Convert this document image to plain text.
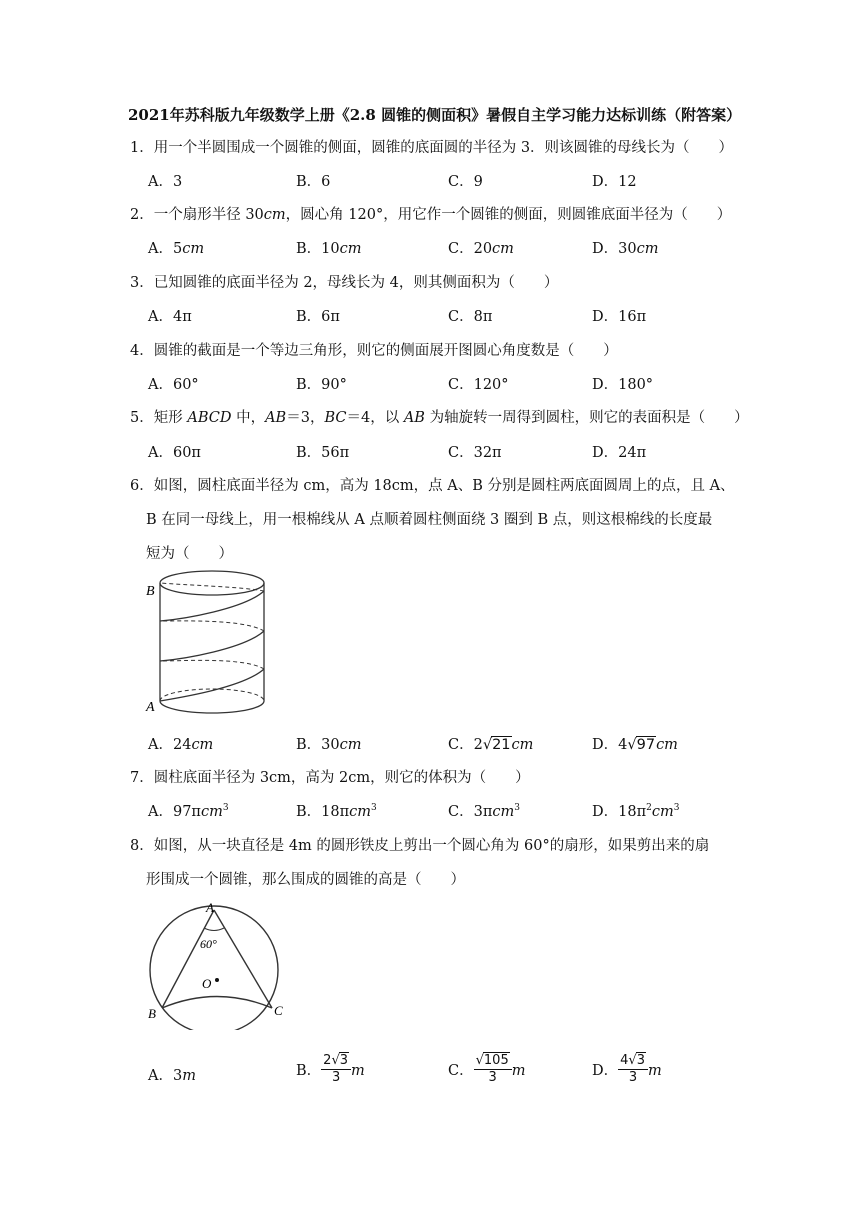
2021年苏科版九年级数学上册《2.8 圆锥的侧面积》暑假自主学习能力达标训练（附答案）
1．用一个半圆围成一个圆锥的侧面，圆锥的底面圆的半径为 3．则该圆锥的母线长为（　　）
A．3	B．6	C．9	D．12
2．一个扇形半径 30cm，圆心角 120°，用它作一个圆锥的侧面，则圆锥底面半径为（　　）
A．5cm	B．10cm	C．20cm	D．30cm
3．已知圆锥的底面半径为 2，母线长为 4，则其侧面积为（　　）
A．4π	B．6π	C．8π	D．16π
4．圆锥的截面是一个等边三角形，则它的侧面展开图圆心角度数是（　　）
A．60°	B．90°	C．120°	D．180°
5．矩形 ABCD 中，AB＝3，BC＝4，以 AB 为轴旋转一周得到圆柱，则它的表面积是（　　）
A．60π	B．56π	C．32π	D．24π
6．如图，圆柱底面半径为 cm，高为 18cm，点 A、B 分别是圆柱两底面圆周上的点，且 A、
B 在同一母线上，用一根棉线从 A 点顺着圆柱侧面绕 3 圈到 B 点，则这根棉线的长度最
短为（　　）
B
A
A．24cm	B．30cm	C．2√21cm	D．4√97cm
7．圆柱底面半径为 3cm，高为 2cm，则它的体积为（　　）
A．97πcm$^3$	B．18πcm$^3$	C．3πcm$^3$	D．$18\pi^2cm^3$
8．如图，从一块直径是 4m 的圆形铁皮上剪出一个圆心角为 60°的扇形，如果剪出来的扇
形围成一个圆锥，那么围成的圆锥的高是（　　）
A
60°
O
B	C
A．3m	B． $\frac{2√3}{3}$ m	C． $\frac{√105}{3}$ m	D． $\frac{4√3}{3}$ m
